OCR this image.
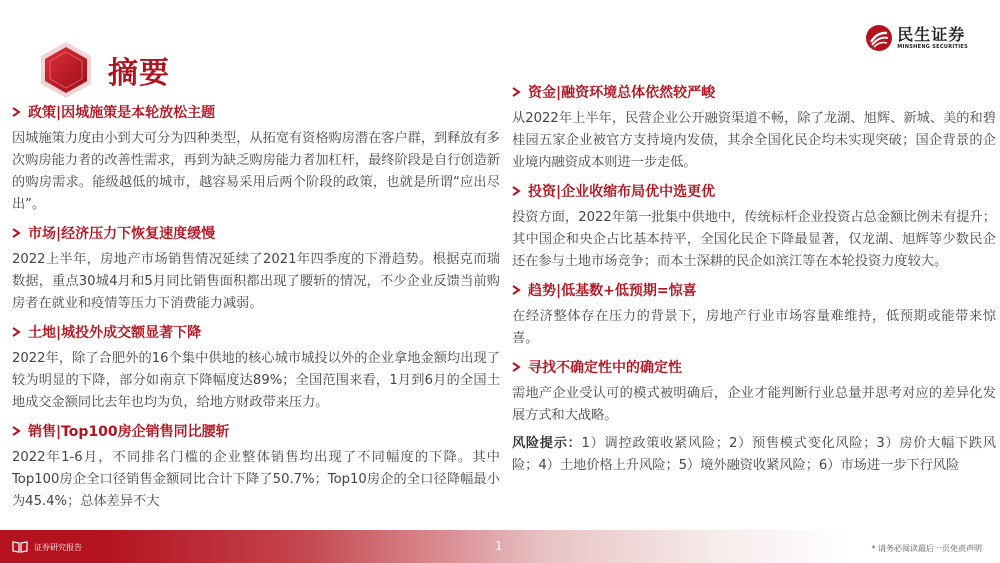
摘要
民生证券
MINSHENG SECURITIES
政策|因城施策是本轮放松主题

因城施策力度由小到大可分为四种类型，从拓宽有资格购房潜在客户群，到释放有多次购房能力者的改善性需求，再到为缺乏购房能力者加杠杆，最终阶段是自行创造新的购房需求。能级越低的城市，越容易采用后两个阶段的政策，也就是所谓“应出尽出”。

市场|经济压力下恢复速度缓慢

2022上半年，房地产市场销售情况延续了2021年四季度的下滑趋势。根据克而瑞数据，重点30城4月和5月同比销售面积都出现了腰斩的情况，不少企业反馈当前购房者在就业和疫情等压力下消费能力减弱。

土地|城投外成交额显著下降

2022年，除了合肥外的16个集中供地的核心城市城投以外的企业拿地金额均出现了较为明显的下降，部分如南京下降幅度达89%；全国范围来看，1月到6月的全国土地成交金额同比去年也均为负，给地方财政带来压力。

销售|Top100房企销售同比腰斩

2022年1-6月，不同排名门槛的企业整体销售均出现了不同幅度的下降。其中Top100房企全口径销售金额同比合计下降了50.7%；Top10房企的全口径降幅最小为45.4%；总体差异不大

资金|融资环境总体依然较严峻

从2022年上半年，民营企业公开融资渠道不畅，除了龙湖、旭辉、新城、美的和碧桂园五家企业被官方支持境内发债，其余全国化民企均未实现突破；国企背景的企业境内融资成本则进一步走低。

投资|企业收缩布局优中选更优

投资方面，2022年第一批集中供地中，传统标杆企业投资占总金额比例未有提升；其中国企和央企占比基本持平，全国化民企下降最显著，仅龙湖、旭辉等少数民企还在参与土地市场竞争；而本土深耕的民企如滨江等在本轮投资力度较大。

趋势|低基数+低预期=惊喜

在经济整体存在压力的背景下，房地产行业市场容量难维持，低预期或能带来惊喜。

寻找不确定性中的确定性

需地产企业受认可的模式被明确后，企业才能判断行业总量并思考对应的差异化发展方式和大战略。

风险提示：1）调控政策收紧风险；2）预售模式变化风险；3）房价大幅下跌风险；4）土地价格上升风险；5）境外融资收紧风险；6）市场进一步下行风险

证券研究报告	1	* 请务必阅读最后一页免责声明
